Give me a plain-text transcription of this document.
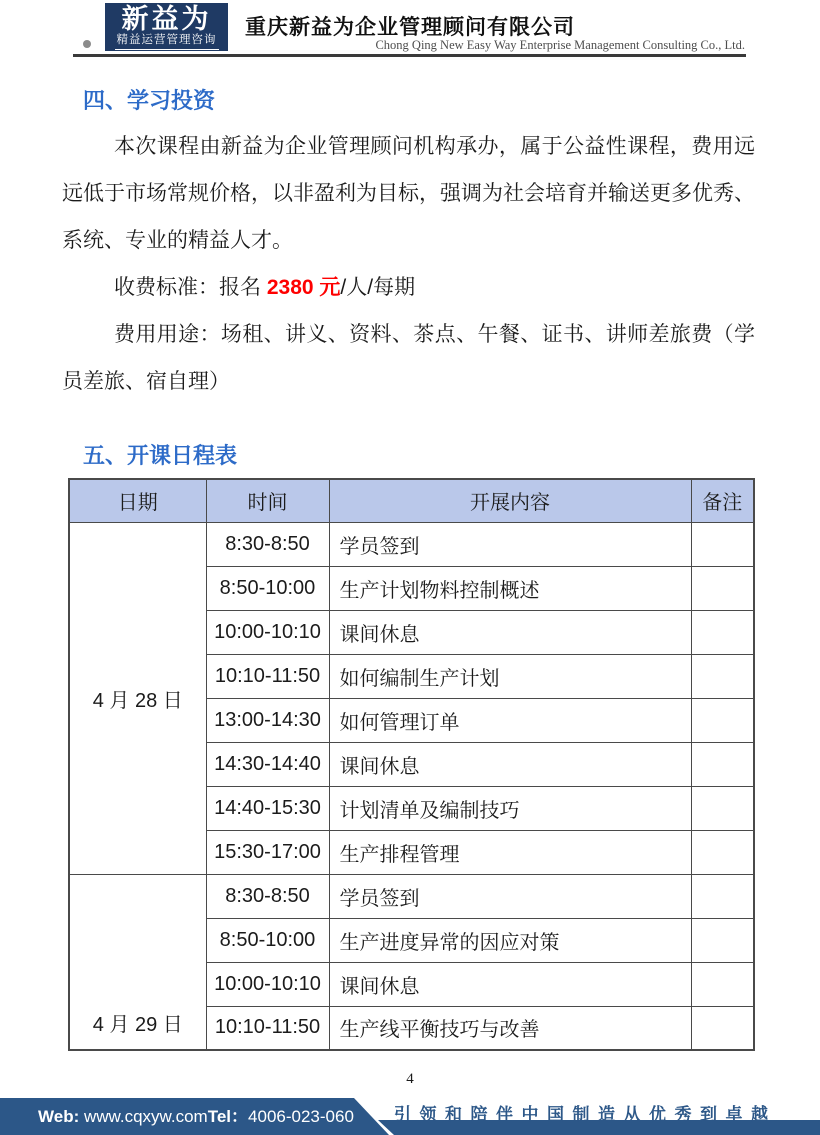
新益为
精益运营管理咨询
重庆新益为企业管理顾问有限公司
Chong Qing New Easy Way Enterprise Management Consulting Co., Ltd.
四、学习投资

本次课程由新益为企业管理顾问机构承办，属于公益性课程，费用远远低于市场常规价格，以非盈利为目标，强调为社会培育并输送更多优秀、系统、专业的精益人才。

收费标准：报名 2380 元/人/每期

费用用途：场租、讲义、资料、茶点、午餐、证书、讲师差旅费（学员差旅、宿自理）

五、开课日程表
日期	时间	开展内容	备注
4 月 28 日	8:30-8:50	学员签到	
	8:50-10:00	生产计划物料控制概述	
	10:00-10:10	课间休息	
	10:10-11:50	如何编制生产计划	
	13:00-14:30	如何管理订单	
	14:30-14:40	课间休息	
	14:40-15:30	计划清单及编制技巧	
	15:30-17:00	生产排程管理	
4 月 29 日	8:30-8:50	学员签到	
	8:50-10:00	生产进度异常的因应对策	
	10:00-10:10	课间休息	
	10:10-11:50	生产线平衡技巧与改善	
4
Web: www.cqxyw.comTel：4006-023-060 引领和陪伴中国制造从优秀到卓越
